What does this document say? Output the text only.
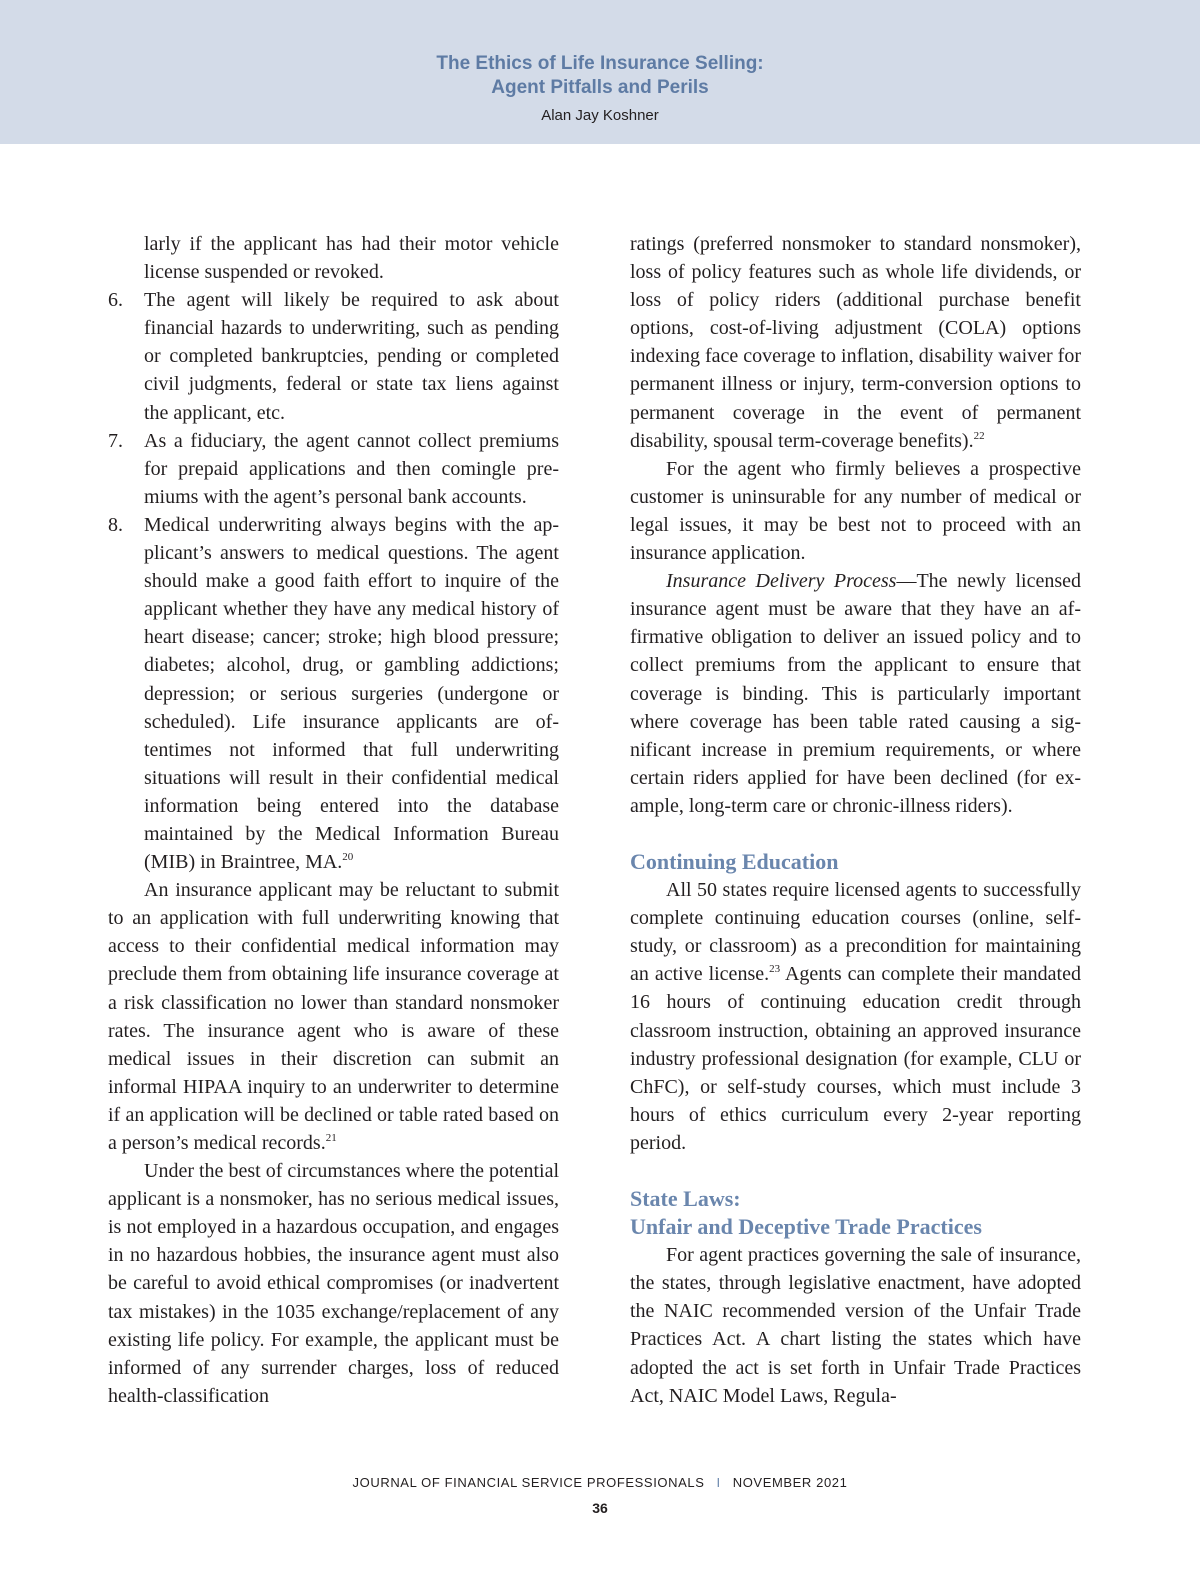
The Ethics of Life Insurance Selling:
Agent Pitfalls and Perils
Alan Jay Koshner

larly if the applicant has had their motor vehicle license suspended or revoked.

6. The agent will likely be required to ask about financial hazards to underwriting, such as pending or completed bankruptcies, pending or completed civil judgments, federal or state tax liens against the applicant, etc.
7. As a fiduciary, the agent cannot collect premiums for prepaid applications and then comingle premiums with the agent’s personal bank accounts.
8. Medical underwriting always begins with the applicant’s answers to medical questions. The agent should make a good faith effort to inquire of the applicant whether they have any medical history of heart disease; cancer; stroke; high blood pressure; diabetes; alcohol, drug, or gambling addictions; depression; or serious surgeries (undergone or scheduled). Life insurance applicants are oftentimes not informed that full underwriting situations will result in their confidential medical information being entered into the database maintained by the Medical Information Bureau (MIB) in Braintree, MA.$^{20}$

An insurance applicant may be reluctant to submit to an application with full underwriting knowing that access to their confidential medical information may preclude them from obtaining life insurance coverage at a risk classification no lower than standard nonsmoker rates. The insurance agent who is aware of these medical issues in their discretion can submit an informal HIPAA inquiry to an underwriter to determine if an application will be declined or table rated based on a person’s medical records.$^{21}$

Under the best of circumstances where the potential applicant is a nonsmoker, has no serious medical issues, is not employed in a hazardous occupation, and engages in no hazardous hobbies, the insurance agent must also be careful to avoid ethical compromises (or inadvertent tax mistakes) in the 1035 exchange/replacement of any existing life policy. For example, the applicant must be informed of any surrender charges, loss of reduced health-classification

ratings (preferred nonsmoker to standard nonsmoker), loss of policy features such as whole life dividends, or loss of policy riders (additional purchase benefit options, cost-of-living adjustment (COLA) options indexing face coverage to inflation, disability waiver for permanent illness or injury, term-conversion options to permanent coverage in the event of permanent disability, spousal term-coverage benefits).$^{22}$

For the agent who firmly believes a prospective customer is uninsurable for any number of medical or legal issues, it may be best not to proceed with an insurance application.

Insurance Delivery Process—The newly licensed insurance agent must be aware that they have an affirmative obligation to deliver an issued policy and to collect premiums from the applicant to ensure that coverage is binding. This is particularly important where coverage has been table rated causing a significant increase in premium requirements, or where certain riders applied for have been declined (for example, long-term care or chronic-illness riders).

Continuing Education

All 50 states require licensed agents to successfully complete continuing education courses (online, self-study, or classroom) as a precondition for maintaining an active license.$^{23}$ Agents can complete their mandated 16 hours of continuing education credit through classroom instruction, obtaining an approved insurance industry professional designation (for example, CLU or ChFC), or self-study courses, which must include 3 hours of ethics curriculum every 2-year reporting period.

State Laws:
Unfair and Deceptive Trade Practices

For agent practices governing the sale of insurance, the states, through legislative enactment, have adopted the NAIC recommended version of the Unfair Trade Practices Act. A chart listing the states which have adopted the act is set forth in Unfair Trade Practices Act, NAIC Model Laws, Regula-

JOURNAL OF FINANCIAL SERVICE PROFESSIONALS I NOVEMBER 2021
36
